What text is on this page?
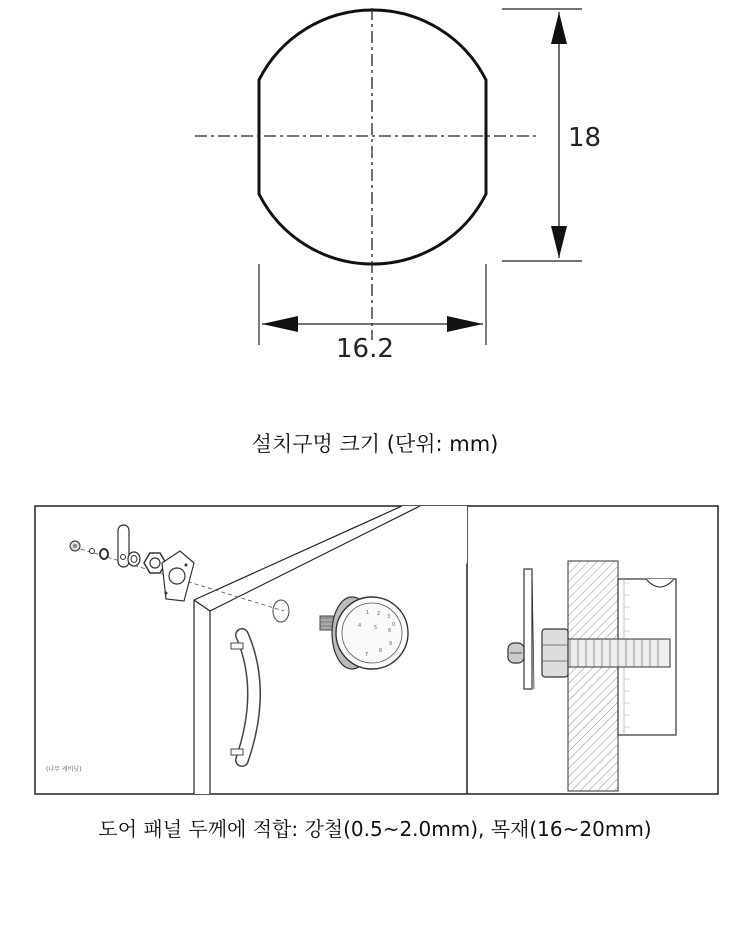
18
16.2
설치구멍 크기 (단위: mm)
1 2 3
4	5 6
7
8
9
0
(나무 캐비닛)
도어 패널 두께에 적합: 강철(0.5~2.0mm), 목재(16~20mm)
